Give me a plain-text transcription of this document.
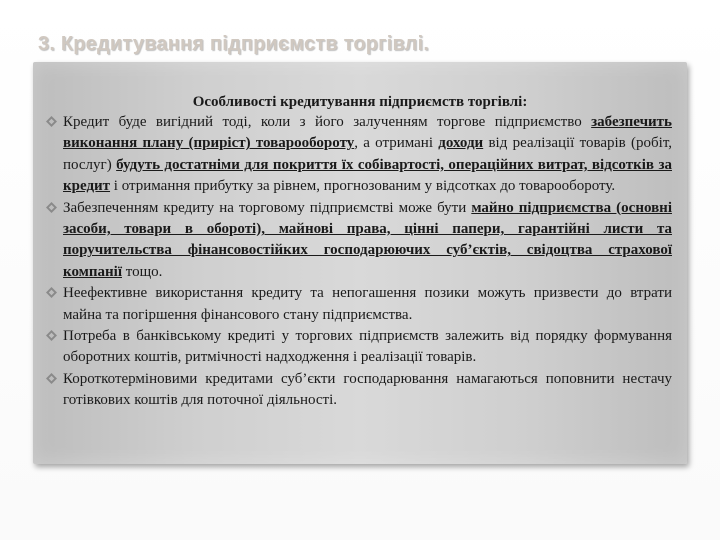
3. Кредитування підприємств торгівлі.
Особливості кредитування підприємств торгівлі:
Кредит буде вигідний тоді, коли з його залученням торгове підприємство забезпечить виконання плану (приріст) товарообороту, а отримані доходи від реалізації товарів (робіт, послуг) будуть достатніми для покриття їх собівартості, операційних витрат, відсотків за кредит і отримання прибутку за рівнем, прогнозованим у відсотках до товарообороту.
Забезпеченням кредиту на торговому підприємстві може бути майно підприємства (основні засоби, товари в обороті), майнові права, цінні папери, гарантійні листи та поручительства фінансовостійких господарюючих суб’єктів, свідоцтва страхової компанії тощо.
Неефективне використання кредиту та непогашення позики можуть призвести до втрати майна та погіршення фінансового стану підприємства.
Потреба в банківському кредиті у торгових підприємств залежить від порядку формування оборотних коштів, ритмічності надходження і реалізації товарів.
Короткотерміновими кредитами суб’єкти господарювання намагаються поповнити нестачу готівкових коштів для поточної діяльності.
